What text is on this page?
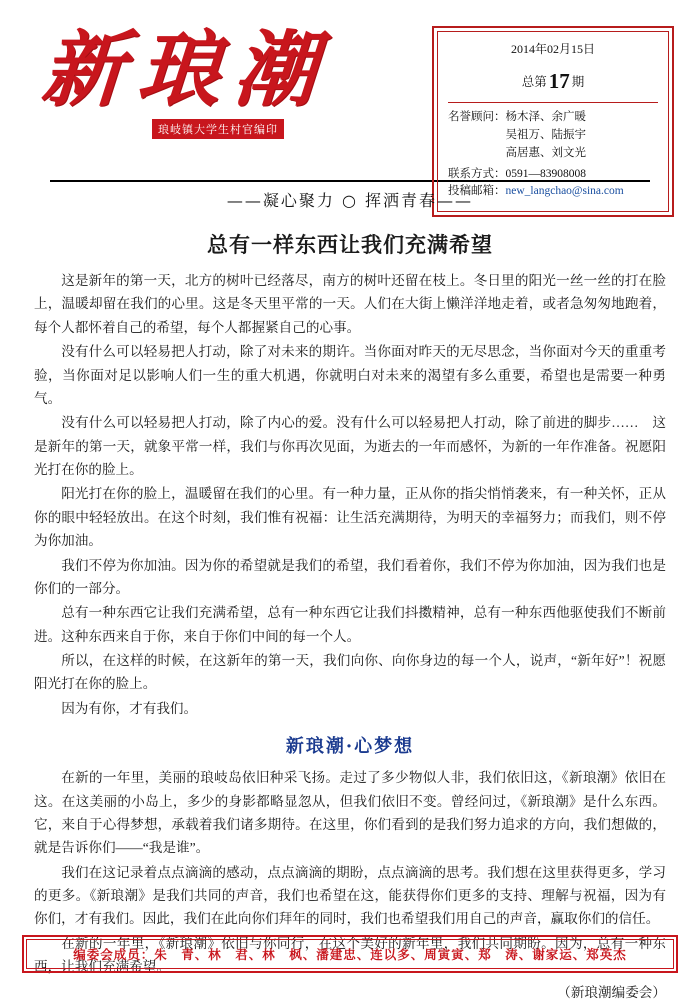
新琅潮
琅岐镇大学生村官编印
2014年02月15日
总第17 期
名誉顾问： 杨木泽、余广暖
吴祖万、陆振宇
高居惠、刘文光
联系方式：0591—83908008
投稿邮箱：new_langchao@sina.com
——凝心聚力 ○ 挥洒青春——
总有一样东西让我们充满希望

这是新年的第一天，北方的树叶已经落尽，南方的树叶还留在枝上。冬日里的阳光一丝一丝的打在脸上，温暖却留在我们的心里。这是冬天里平常的一天。人们在大街上懒洋洋地走着，或者急匆匆地跑着，每个人都怀着自己的希望，每个人都握紧自己的心事。

没有什么可以轻易把人打动，除了对未来的期许。当你面对昨天的无尽思念，当你面对今天的重重考验，当你面对足以影响人们一生的重大机遇，你就明白对未来的渴望有多么重要，希望也是需要一种勇气。

没有什么可以轻易把人打动，除了内心的爱。没有什么可以轻易把人打动，除了前进的脚步……　这是新年的第一天，就象平常一样，我们与你再次见面，为逝去的一年而感怀，为新的一年作准备。祝愿阳光打在你的脸上。

阳光打在你的脸上，温暖留在我们的心里。有一种力量，正从你的指尖悄悄袭来，有一种关怀，正从你的眼中轻轻放出。在这个时刻，我们惟有祝福：让生活充满期待，为明天的幸福努力；而我们，则不停为你加油。

我们不停为你加油。因为你的希望就是我们的希望，我们看着你，我们不停为你加油，因为我们也是你们的一部分。

总有一种东西它让我们充满希望，总有一种东西它让我们抖擞精神，总有一种东西他驱使我们不断前进。这种东西来自于你，来自于你们中间的每一个人。

所以，在这样的时候，在这新年的第一天，我们向你、向你身边的每一个人，说声，“新年好”！祝愿阳光打在你的脸上。

因为有你，才有我们。

新琅潮·心梦想

在新的一年里，美丽的琅岐岛依旧种采飞扬。走过了多少物似人非，我们依旧这，《新琅潮》依旧在这。在这美丽的小岛上，多少的身影都略显忽从，但我们依旧不变。曾经问过，《新琅潮》是什么东西。它，来自于心得梦想，承载着我们诸多期待。在这里，你们看到的是我们努力追求的方向，我们想做的，就是告诉你们——“我是谁”。

我们在这记录着点点滴滴的感动，点点滴滴的期盼，点点滴滴的思考。我们想在这里获得更多，学习的更多。《新琅潮》是我们共同的声音，我们也希望在这，能获得你们更多的支持、理解与祝福，因为有你们，才有我们。因此，我们在此向你们拜年的同时，我们也希望我们用自己的声音，赢取你们的信任。

在新的一年里，《新琅潮》依旧与你同行，在这个美好的新年里，我们共同期盼。因为，总有一种东西，让我们充满希望。

（新琅潮编委会）

编委会成员：朱　青、林　君、林　枫、潘建忠、连以多、周寅寅、郑　涛、谢家运、郑英杰
